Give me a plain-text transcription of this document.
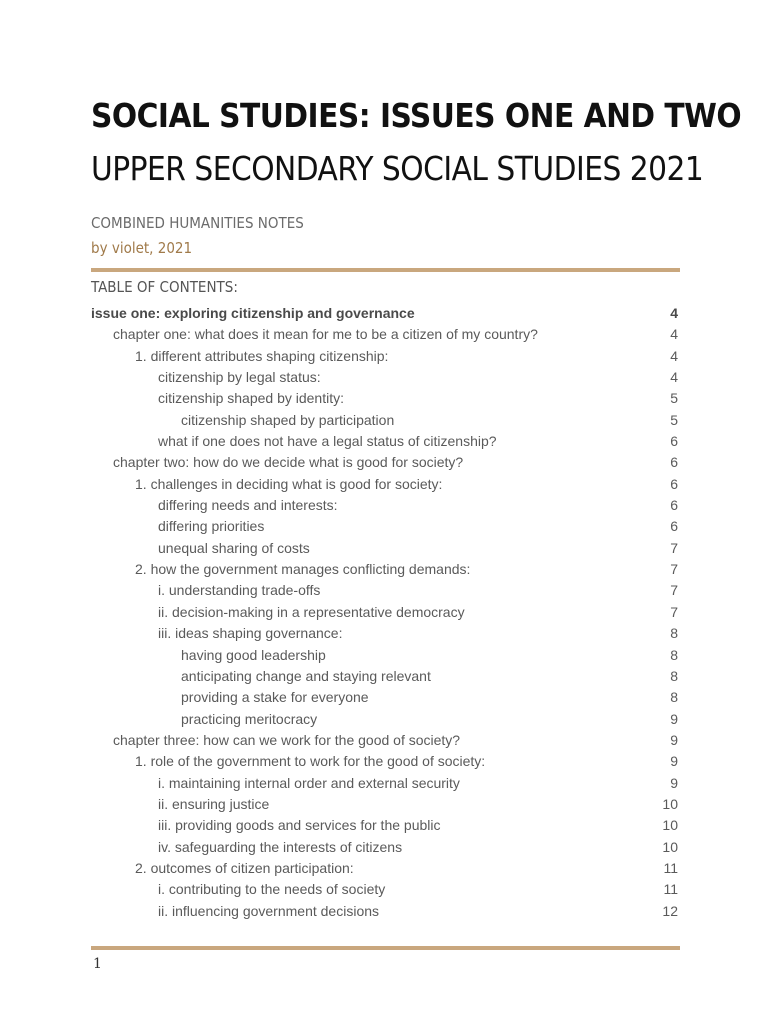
SOCIAL STUDIES: ISSUES ONE AND TWO
UPPER SECONDARY SOCIAL STUDIES 2021
COMBINED HUMANITIES NOTES
by violet, 2021
TABLE OF CONTENTS:
issue one: exploring citizenship and governance	4
chapter one: what does it mean for me to be a citizen of my country?	4
1. different attributes shaping citizenship:	4
citizenship by legal status:	4
citizenship shaped by identity:	5
citizenship shaped by participation	5
what if one does not have a legal status of citizenship?	6
chapter two: how do we decide what is good for society?	6
1. challenges in deciding what is good for society:	6
differing needs and interests:	6
differing priorities	6
unequal sharing of costs	7
2. how the government manages conflicting demands:	7
i. understanding trade-offs	7
ii. decision-making in a representative democracy	7
iii. ideas shaping governance:	8
having good leadership	8
anticipating change and staying relevant	8
providing a stake for everyone	8
practicing meritocracy	9
chapter three: how can we work for the good of society?	9
1. role of the government to work for the good of society:	9
i. maintaining internal order and external security	9
ii. ensuring justice	10
iii. providing goods and services for the public	10
iv. safeguarding the interests of citizens	10
2. outcomes of citizen participation:	11
i. contributing to the needs of society	11
ii. influencing government decisions	12
1
